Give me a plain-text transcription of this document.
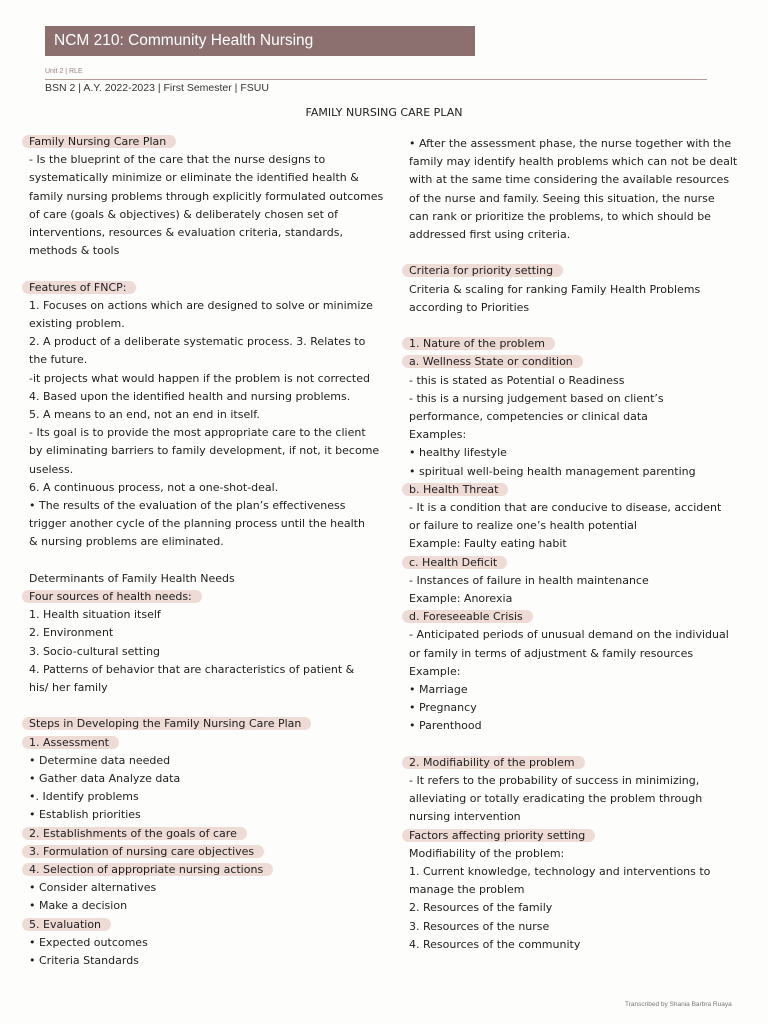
NCM 210: Community Health Nursing
Unit 2 | RLE
BSN 2 | A.Y. 2022-2023 | First Semester | FSUU
FAMILY NURSING CARE PLAN
Family Nursing Care Plan
- Is the blueprint of the care that the nurse designs to
systematically minimize or eliminate the identified health &
family nursing problems through explicitly formulated outcomes
of care (goals & objectives) & deliberately chosen set of
interventions, resources & evaluation criteria, standards,
methods & tools
Features of FNCP:
1. Focuses on actions which are designed to solve or minimize
existing problem.
2. A product of a deliberate systematic process. 3. Relates to
the future.
-it projects what would happen if the problem is not corrected
4. Based upon the identified health and nursing problems.
5. A means to an end, not an end in itself.
- Its goal is to provide the most appropriate care to the client
by eliminating barriers to family development, if not, it become
useless.
6. A continuous process, not a one-shot-deal.
• The results of the evaluation of the plan’s effectiveness
trigger another cycle of the planning process until the health
& nursing problems are eliminated.
Determinants of Family Health Needs
Four sources of health needs:
1. Health situation itself
2. Environment
3. Socio-cultural setting
4. Patterns of behavior that are characteristics of patient &
his/ her family
Steps in Developing the Family Nursing Care Plan
1. Assessment
• Determine data needed
• Gather data Analyze data
•. Identify problems
• Establish priorities
2. Establishments of the goals of care
3. Formulation of nursing care objectives
4. Selection of appropriate nursing actions
• Consider alternatives
• Make a decision
5. Evaluation
• Expected outcomes
• Criteria Standards
• After the assessment phase, the nurse together with the
family may identify health problems which can not be dealt
with at the same time considering the available resources
of the nurse and family. Seeing this situation, the nurse
can rank or prioritize the problems, to which should be
addressed first using criteria.
Criteria for priority setting
Criteria & scaling for ranking Family Health Problems
according to Priorities
1. Nature of the problem
a. Wellness State or condition
- this is stated as Potential o Readiness
- this is a nursing judgement based on client’s
performance, competencies or clinical data
Examples:
• healthy lifestyle
• spiritual well-being health management parenting
b. Health Threat
- It is a condition that are conducive to disease, accident
or failure to realize one’s health potential
Example: Faulty eating habit
c. Health Deficit
- Instances of failure in health maintenance
Example: Anorexia
d. Foreseeable Crisis
- Anticipated periods of unusual demand on the individual
or family in terms of adjustment & family resources
Example:
• Marriage
• Pregnancy
• Parenthood
2. Modifiability of the problem
- It refers to the probability of success in minimizing,
alleviating or totally eradicating the problem through
nursing intervention
Factors affecting priority setting
Modifiability of the problem:
1. Current knowledge, technology and interventions to
manage the problem
2. Resources of the family
3. Resources of the nurse
4. Resources of the community
Transcribed by Shania Barbra Ruaya
